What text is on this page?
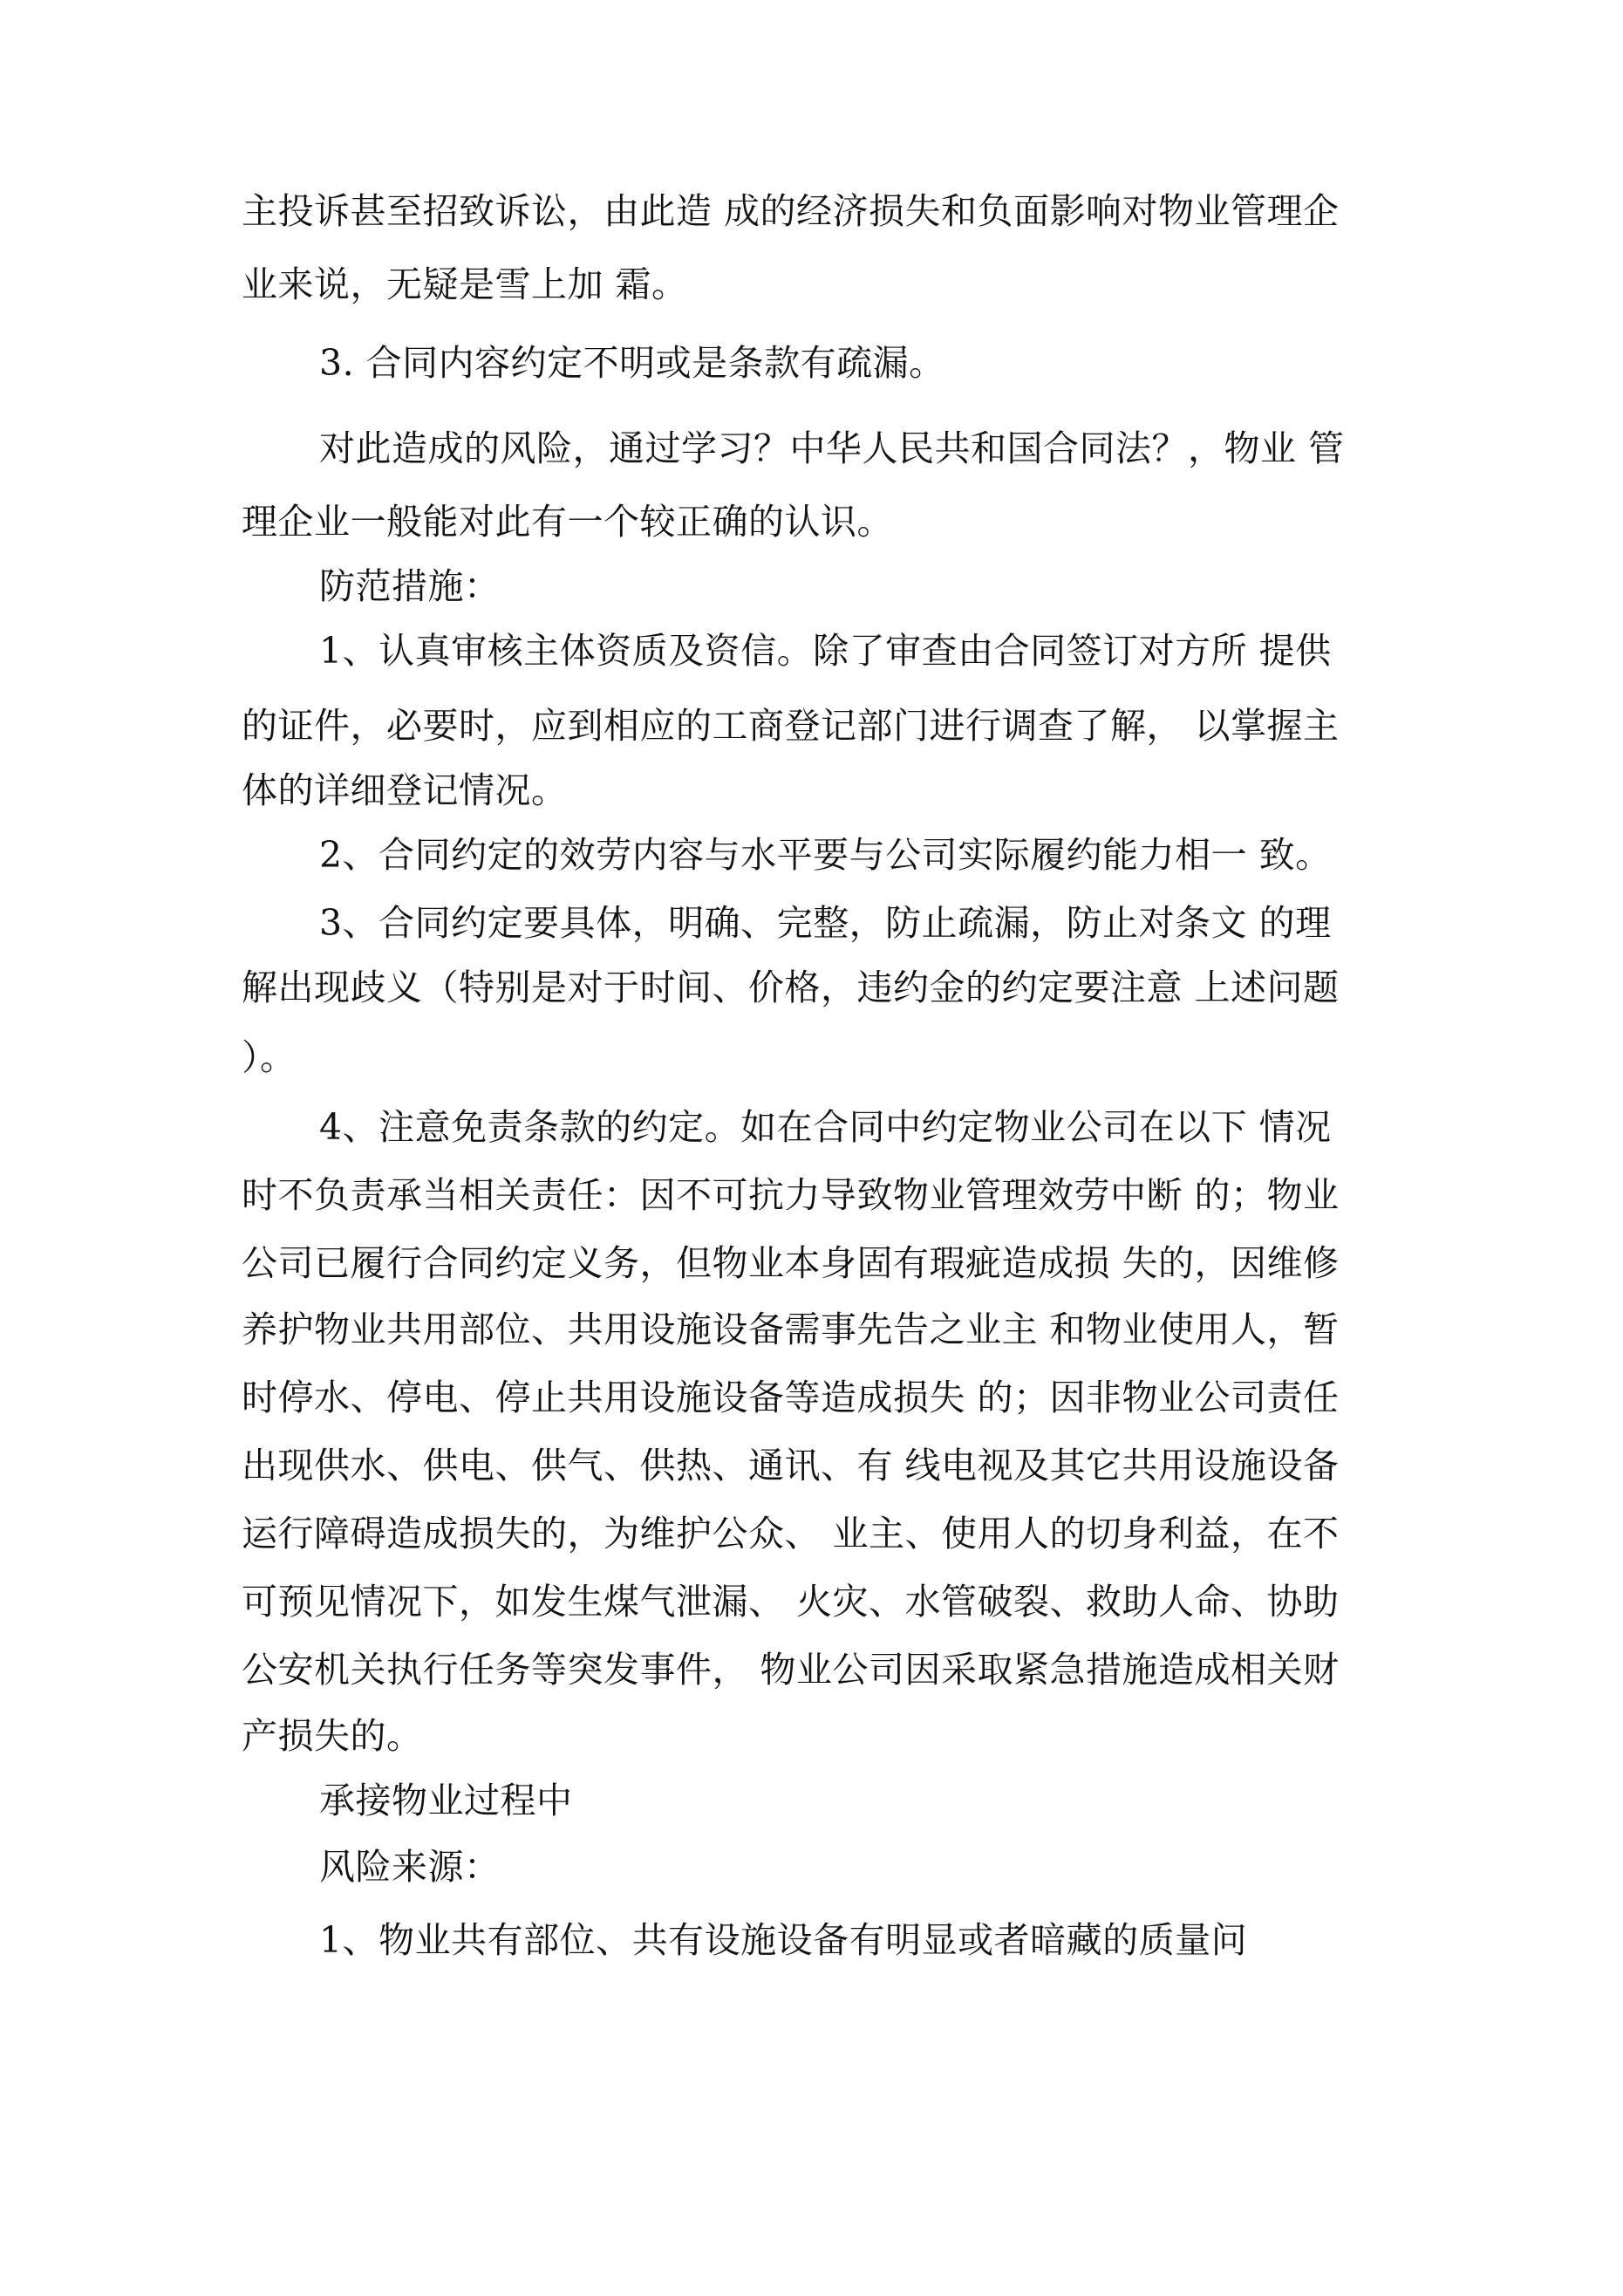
主投诉甚至招致诉讼，由此造 成的经济损失和负面影响对物业管理企
业来说，无疑是雪上加 霜。
3. 合同内容约定不明或是条款有疏漏。
对此造成的风险，通过学习？中华人民共和国合同法？，物业 管
理企业一般能对此有一个较正确的认识。
防范措施：
1、认真审核主体资质及资信。除了审查由合同签订对方所 提供
的证件，必要时，应到相应的工商登记部门进行调查了解， 以掌握主
体的详细登记情况。
2、合同约定的效劳内容与水平要与公司实际履约能力相一 致。
3、合同约定要具体，明确、完整，防止疏漏，防止对条文 的理
解出现歧义（特别是对于时间、价格，违约金的约定要注意 上述问题
）。
4、注意免责条款的约定。如在合同中约定物业公司在以下 情况
时不负责承当相关责任：因不可抗力导致物业管理效劳中断 的；物业
公司已履行合同约定义务，但物业本身固有瑕疵造成损 失的，因维修
养护物业共用部位、共用设施设备需事先告之业主 和物业使用人，暂
时停水、停电、停止共用设施设备等造成损失 的；因非物业公司责任
出现供水、供电、供气、供热、通讯、有 线电视及其它共用设施设备
运行障碍造成损失的，为维护公众、 业主、使用人的切身利益，在不
可预见情况下，如发生煤气泄漏、 火灾、水管破裂、救助人命、协助
公安机关执行任务等突发事件， 物业公司因采取紧急措施造成相关财
产损失的。
承接物业过程中
风险来源：
1、物业共有部位、共有设施设备有明显或者暗藏的质量问
